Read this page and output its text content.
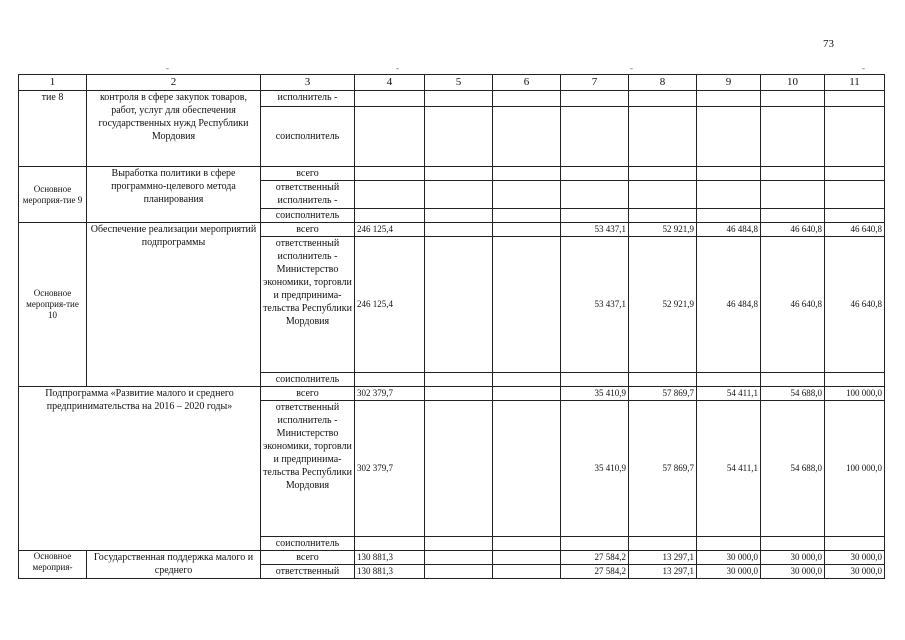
73
-	-	-	-
1	2	3	4	5	6	7	8	9	10	11
тие 8	контроля в сфере закупок товаров, работ, услуг для обеспечения государственных нужд Республики Мордовия	исполнитель -								
		соисполнитель								
Основное мероприя-тие 9	Выработка политики в сфере программно-целевого метода планирования	всего								
		ответственный исполнитель -								
		соисполнитель								
Основное мероприя-тие 10	Обеспечение реализации мероприятий подпрограммы	всего	246 125,4			53 437,1	52 921,9	46 484,8	46 640,8	46 640,8
		ответственный исполнитель - Министерство экономики, торговли и предпринима-тельства Республики Мордовия	246 125,4			53 437,1	52 921,9	46 484,8	46 640,8	46 640,8
		соисполнитель								
Подпрограмма «Развитие малого и среднего предпринимательства на 2016 – 2020 годы»		всего	302 379,7			35 410,9	57 869,7	54 411,1	54 688,0	100 000,0
		ответственный исполнитель - Министерство экономики, торговли и предпринима-тельства Республики Мордовия	302 379,7			35 410,9	57 869,7	54 411,1	54 688,0	100 000,0
		соисполнитель								
Основное мероприя-	Государственная поддержка малого и среднего	всего	130 881,3			27 584,2	13 297,1	30 000,0	30 000,0	30 000,0
		ответственный	130 881,3			27 584,2	13 297,1	30 000,0	30 000,0	30 000,0
